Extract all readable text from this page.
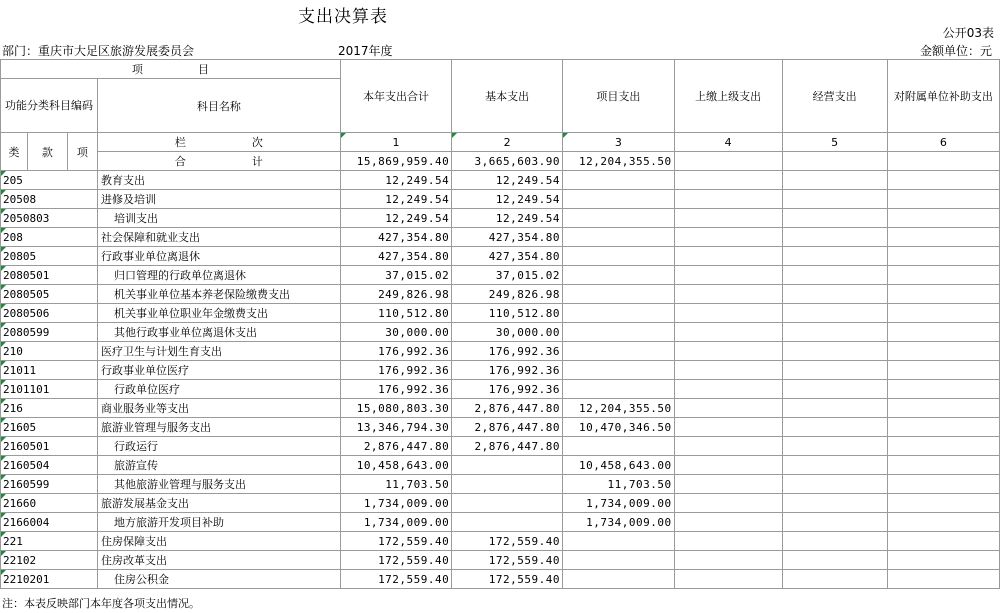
支出决算表
公开03表
部门：重庆市大足区旅游发展委员会	2017年度	金额单位：元
项　　　　　目				本年支出合计	基本支出	项目支出	上缴上级支出	经营支出	对附属单位补助支出
功能分类科目编码			科目名称						

类	款	项	栏　　　　　　次	1	2	3	4	5	6
			合　　　　　　计	15,869,959.40	3,665,603.90	12,204,355.50			
205			教育支出	12,249.54	12,249.54				
20508			进修及培训	12,249.54	12,249.54				
2050803			培训支出	12,249.54	12,249.54				
208			社会保障和就业支出	427,354.80	427,354.80				
20805			行政事业单位离退休	427,354.80	427,354.80				
2080501			归口管理的行政单位离退休	37,015.02	37,015.02				
2080505			机关事业单位基本养老保险缴费支出	249,826.98	249,826.98				
2080506			机关事业单位职业年金缴费支出	110,512.80	110,512.80				
2080599			其他行政事业单位离退休支出	30,000.00	30,000.00				
210			医疗卫生与计划生育支出	176,992.36	176,992.36				
21011			行政事业单位医疗	176,992.36	176,992.36				
2101101			行政单位医疗	176,992.36	176,992.36				
216			商业服务业等支出	15,080,803.30	2,876,447.80	12,204,355.50			
21605			旅游业管理与服务支出	13,346,794.30	2,876,447.80	10,470,346.50			
2160501			行政运行	2,876,447.80	2,876,447.80				
2160504			旅游宣传	10,458,643.00		10,458,643.00			
2160599			其他旅游业管理与服务支出	11,703.50		11,703.50			
21660			旅游发展基金支出	1,734,009.00		1,734,009.00			
2166004			地方旅游开发项目补助	1,734,009.00		1,734,009.00			
221			住房保障支出	172,559.40	172,559.40				
22102			住房改革支出	172,559.40	172,559.40				
2210201			住房公积金	172,559.40	172,559.40				
注：本表反映部门本年度各项支出情况。
